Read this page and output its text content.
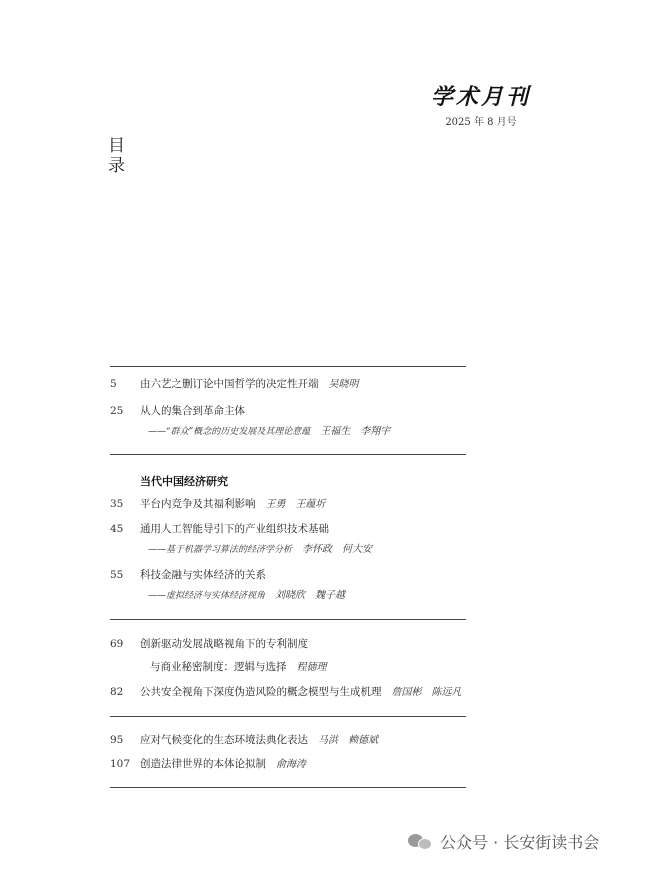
学术月刊
2025 年 8 月号
目录
5	由六艺之删订论中国哲学的决定性开端 吴晓明
25	从人的集合到革命主体
——“群众”概念的历史发展及其理论意蕴 王福生　李翔宇
当代中国经济研究
35	平台内竞争及其福利影响 王勇　王蕴圻
45	通用人工智能导引下的产业组织技术基础
——基于机器学习算法的经济学分析 李怀政　何大安
55	科技金融与实体经济的关系
——虚拟经济与实体经济视角 刘晓欣　魏子越
69	创新驱动发展战略视角下的专利制度
与商业秘密制度：逻辑与选择 程德理
82	公共安全视角下深度伪造风险的概念模型与生成机理 詹国彬　陈远凡
95	应对气候变化的生态环境法典化表达 马洪　赖德斌
107 创造法律世界的本体论拟制 俞海涛
公众号 · 长安街读书会
